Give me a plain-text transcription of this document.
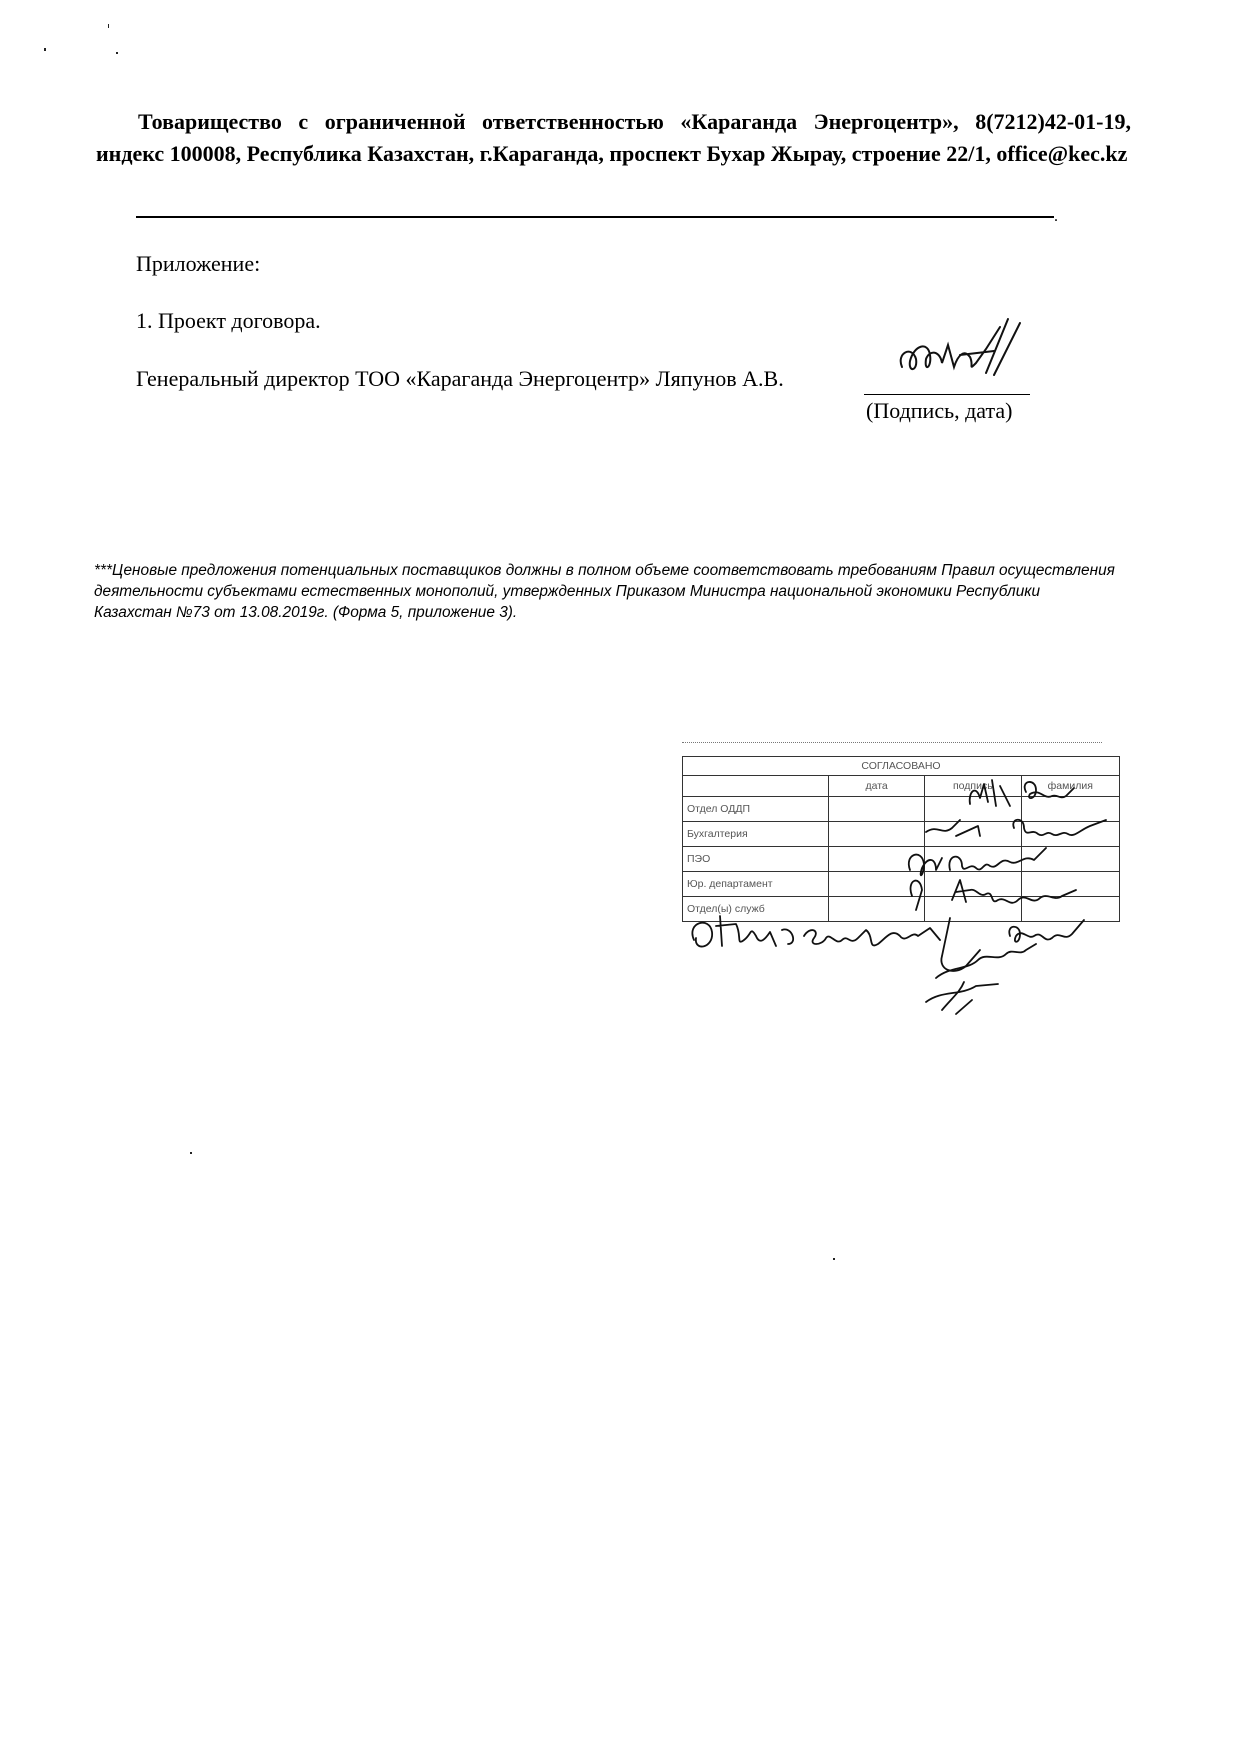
Товарищество с ограниченной ответственностью «Караганда Энергоцентр», 8(7212)42-01-19, индекс 100008, Республика Казахстан, г.Караганда, проспект Бухар Жырау, строение 22/1, office@kec.kz
.
Приложение:
1. Проект договора.
Генеральный директор ТОО «Караганда Энергоцентр» Ляпунов А.В.
(Подпись, дата)
***Ценовые предложения потенциальных поставщиков должны в полном объеме соответствовать требованиям Правил осуществления деятельности субъектами естественных монополий, утвержденных Приказом Министра национальной экономики Республики Казахстан №73 от 13.08.2019г. (Форма 5, приложение 3).
СОГЛАСОВАНО			
	дата	подпись	фамилия
Отдел ОДДП			
Бухгалтерия			
ПЭО			
Юр. департамент			
Отдел(ы) служб			
